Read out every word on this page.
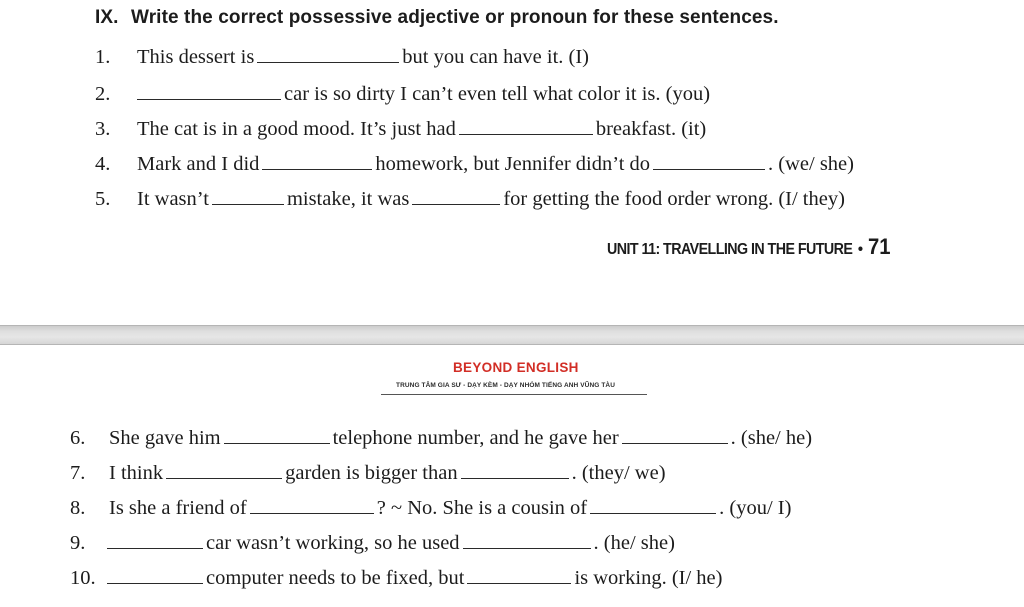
IX. Write the correct possessive adjective or pronoun for these sentences.
1. This dessert is	but you can have it. (I)
2.	car is so dirty I can’t even tell what color it is. (you)
3. The cat is in a good mood. It’s just had	breakfast. (it)
4. Mark and I did	homework, but Jennifer didn’t do	. (we/ she)
5. It wasn’t	mistake, it was	for getting the food order wrong. (I/ they)
UNIT 11: TRAVELLING IN THE FUTURE • 71
BEYOND ENGLISH
TRUNG TÂM GIA SƯ - DẠY KÈM - DẠY NHÓM TIẾNG ANH VŨNG TÀU
6. She gave him	telephone number, and he gave her	. (she/ he)
7. I think	garden is bigger than	. (they/ we)
8. Is she a friend of	? ~ No. She is a cousin of	. (you/ I)
9.	car wasn’t working, so he used	. (he/ she)
10.	computer needs to be fixed, but	is working. (I/ he)
